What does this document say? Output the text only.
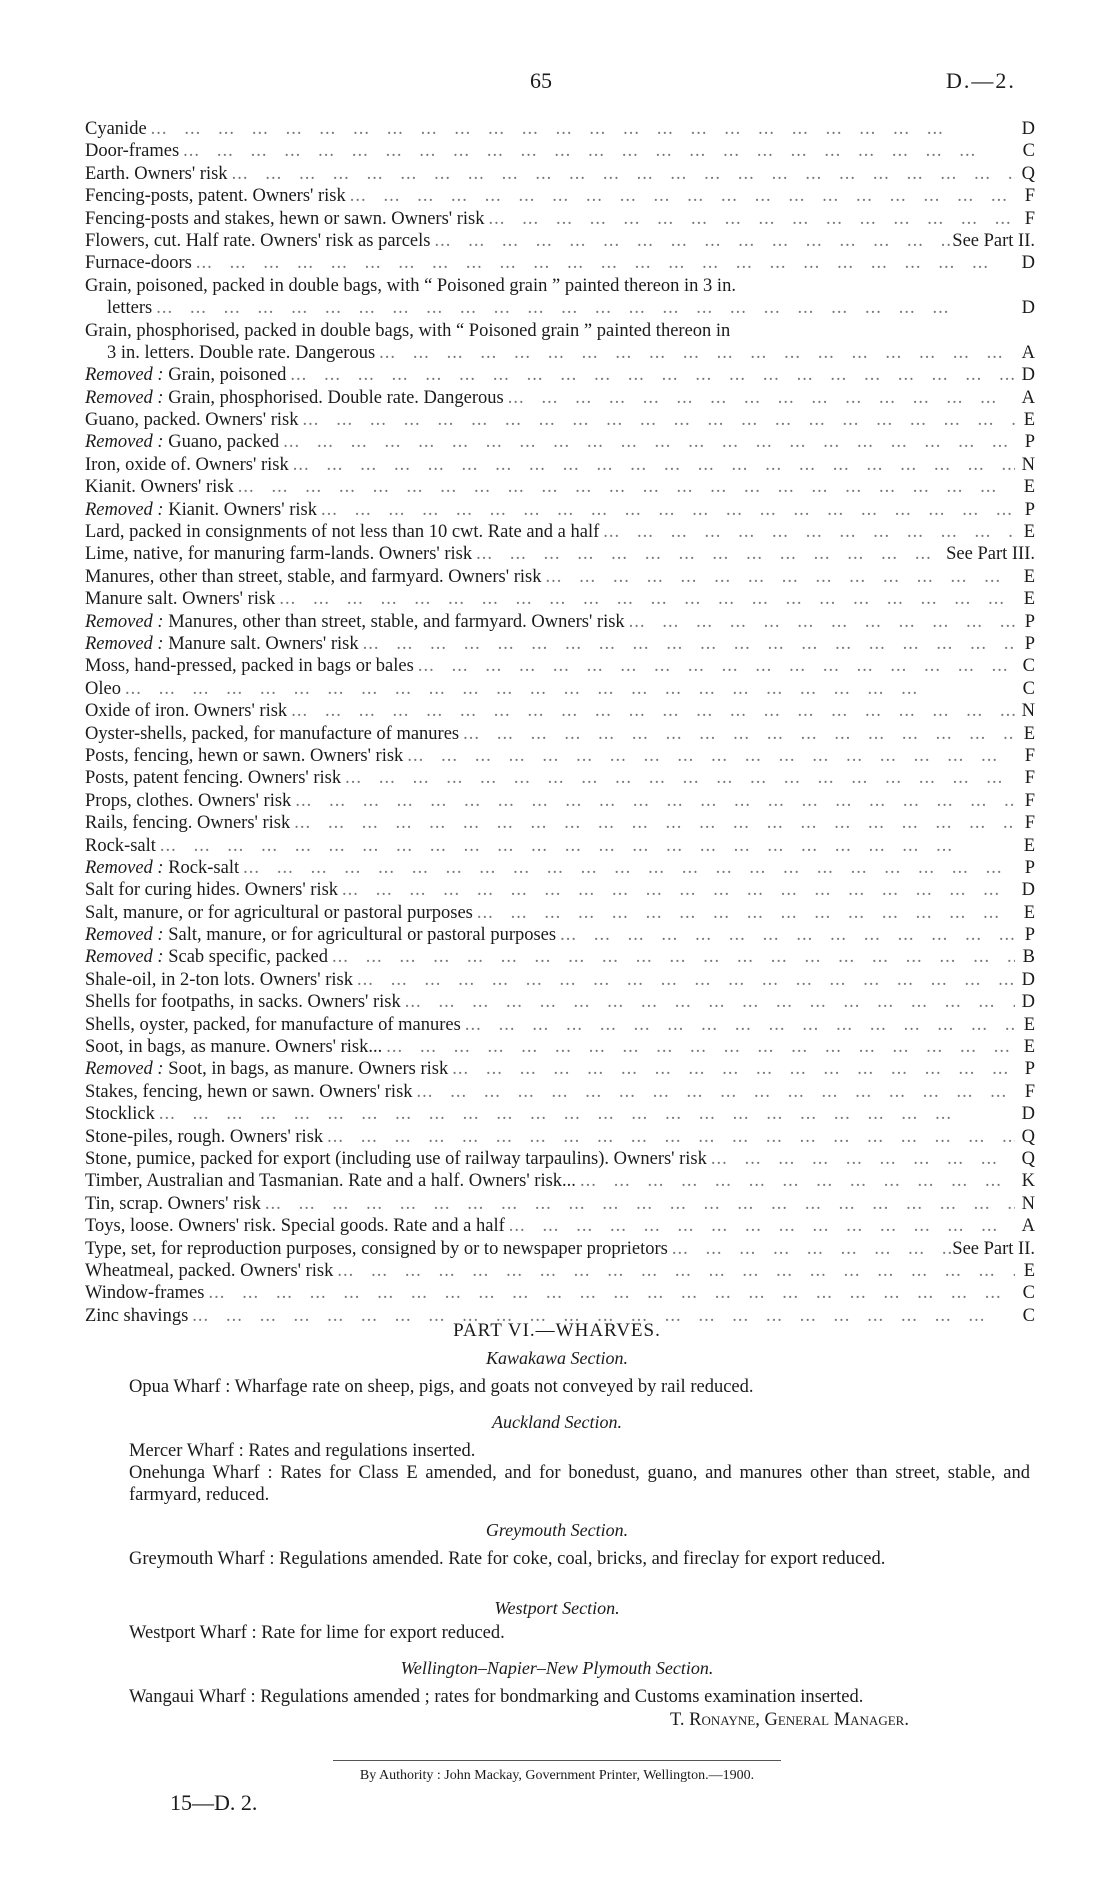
65	D.—2.
Cyanide ...	D
Door-frames ...	C
Earth. Owners' risk ...	Q
Fencing-posts, patent. Owners' risk ...	F
Fencing-posts and stakes, hewn or sawn. Owners' risk ...	F
Flowers, cut. Half rate. Owners' risk as parcels ...	See Part II.
Furnace-doors ...	D
Grain, poisoned, packed in double bags, with “ Poisoned grain ” painted thereon in 3 in.
letters ...	D
Grain, phosphorised, packed in double bags, with “ Poisoned grain ” painted thereon in
3 in. letters. Double rate. Dangerous ...	A
Removed : Grain, poisoned ...	D
Removed : Grain, phosphorised. Double rate. Dangerous ...	A
Guano, packed. Owners' risk ...	E
Removed : Guano, packed ...	P
Iron, oxide of. Owners' risk ...	N
Kianit. Owners' risk ...	E
Removed : Kianit. Owners' risk ...	P
Lard, packed in consignments of not less than 10 cwt. Rate and a half ...	E
Lime, native, for manuring farm-lands. Owners' risk ...	See Part III.
Manures, other than street, stable, and farmyard. Owners' risk ...	E
Manure salt. Owners' risk ...	E
Removed : Manures, other than street, stable, and farmyard. Owners' risk ...	P
Removed : Manure salt. Owners' risk ...	P
Moss, hand-pressed, packed in bags or bales ...	C
Oleo ...	C
Oxide of iron. Owners' risk ...	N
Oyster-shells, packed, for manufacture of manures ...	E
Posts, fencing, hewn or sawn. Owners' risk ...	F
Posts, patent fencing. Owners' risk ...	F
Props, clothes. Owners' risk ...	F
Rails, fencing. Owners' risk ...	F
Rock-salt ...	E
Removed : Rock-salt ...	P
Salt for curing hides. Owners' risk ...	D
Salt, manure, or for agricultural or pastoral purposes ...	E
Removed : Salt, manure, or for agricultural or pastoral purposes ...	P
Removed : Scab specific, packed ...	B
Shale-oil, in 2-ton lots. Owners' risk ...	D
Shells for footpaths, in sacks. Owners' risk ...	D
Shells, oyster, packed, for manufacture of manures ...	E
Soot, in bags, as manure. Owners' risk... ...	E
Removed : Soot, in bags, as manure. Owners risk ...	P
Stakes, fencing, hewn or sawn. Owners' risk ...	F
Stocklick ...	D
Stone-piles, rough. Owners' risk ...	Q
Stone, pumice, packed for export (including use of railway tarpaulins). Owners' risk ...	Q
Timber, Australian and Tasmanian. Rate and a half. Owners' risk... ...	K
Tin, scrap. Owners' risk ...	N
Toys, loose. Owners' risk. Special goods. Rate and a half ...	A
Type, set, for reproduction purposes, consigned by or to newspaper proprietors ...	See Part II.
Wheatmeal, packed. Owners' risk ...	E
Window-frames ...	C
Zinc shavings ...	C
PART VI.—WHARVES.
Kawakawa Section.
Opua Wharf : Wharfage rate on sheep, pigs, and goats not conveyed by rail reduced.
Auckland Section.
Mercer Wharf : Rates and regulations inserted.
Onehunga Wharf : Rates for Class E amended, and for bonedust, guano, and manures other than street, stable, and farmyard, reduced.
Greymouth Section.
Greymouth Wharf : Regulations amended. Rate for coke, coal, bricks, and fireclay for export reduced.
Westport Section.
Westport Wharf : Rate for lime for export reduced.
Wellington–Napier–New Plymouth Section.
Wangaui Wharf : Regulations amended ; rates for bondmarking and Customs examination inserted.
T. Ronayne, General Manager.
By Authority : John Mackay, Government Printer, Wellington.—1900.
15—D. 2.
